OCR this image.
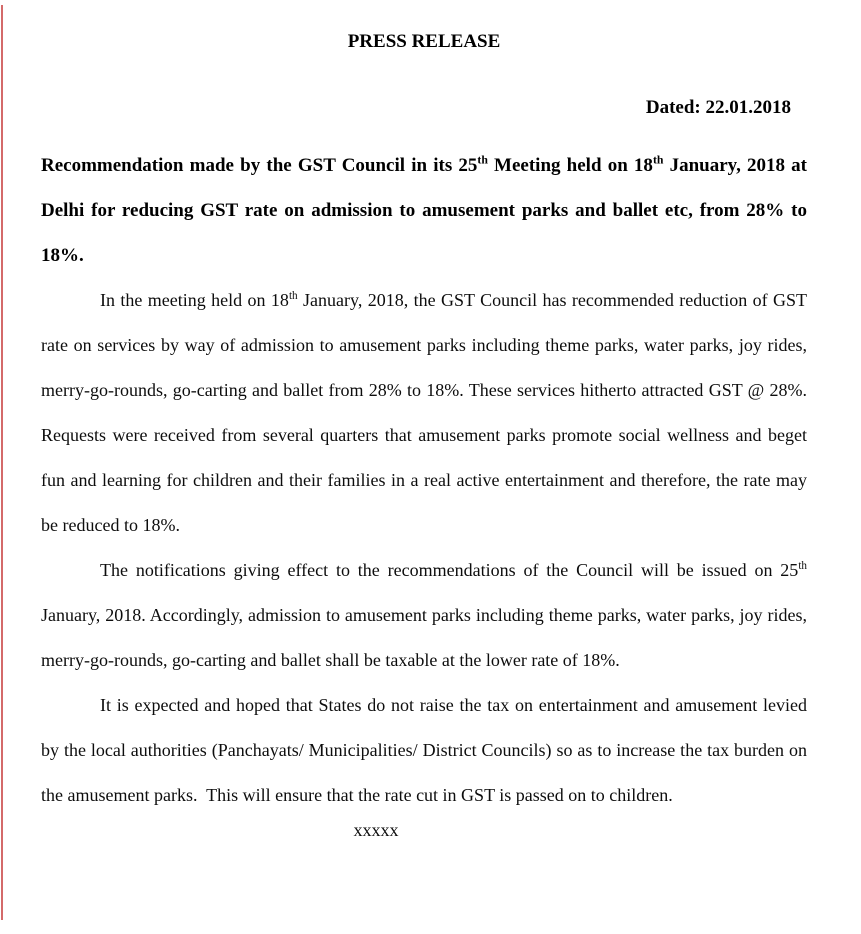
PRESS RELEASE
Dated: 22.01.2018

Recommendation made by the GST Council in its 25th Meeting held on 18th January, 2018 at Delhi for reducing GST rate on admission to amusement parks and ballet etc, from 28% to 18%.

In the meeting held on 18th January, 2018, the GST Council has recommended reduction of GST rate on services by way of admission to amusement parks including theme parks, water parks, joy rides, merry-go-rounds, go-carting and ballet from 28% to 18%. These services hitherto attracted GST @ 28%. Requests were received from several quarters that amusement parks promote social wellness and beget fun and learning for children and their families in a real active entertainment and therefore, the rate may be reduced to 18%.

The notifications giving effect to the recommendations of the Council will be issued on 25th January, 2018. Accordingly, admission to amusement parks including theme parks, water parks, joy rides, merry-go-rounds, go-carting and ballet shall be taxable at the lower rate of 18%.

It is expected and hoped that States do not raise the tax on entertainment and amusement levied by the local authorities (Panchayats/ Municipalities/ District Councils) so as to increase the tax burden on the amusement parks.  This will ensure that the rate cut in GST is passed on to children.

xxxxx
